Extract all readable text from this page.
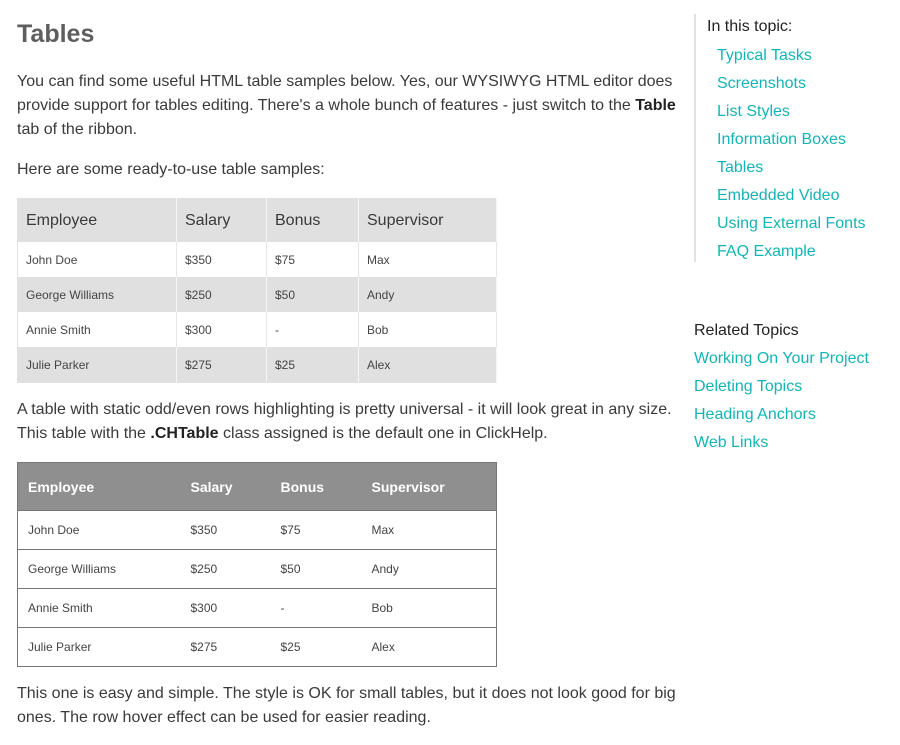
Tables

You can find some useful HTML table samples below. Yes, our WYSIWYG HTML editor does
provide support for tables editing. There's a whole bunch of features - just switch to the Table
tab of the ribbon.

Here are some ready-to-use table samples:

Employee	Salary	Bonus	Supervisor
John Doe	$350	$75	Max
George Williams	$250	$50	Andy
Annie Smith	$300	-	Bob
Julie Parker	$275	$25	Alex

A table with static odd/even rows highlighting is pretty universal - it will look great in any size.
This table with the .CHTable class assigned is the default one in ClickHelp.

Employee	Salary	Bonus	Supervisor
John Doe	$350	$75	Max
George Williams	$250	$50	Andy
Annie Smith	$300	-	Bob
Julie Parker	$275	$25	Alex

This one is easy and simple. The style is OK for small tables, but it does not look good for big
ones. The row hover effect can be used for easier reading.

In this topic:
Typical Tasks
Screenshots
List Styles
Information Boxes
Tables
Embedded Video
Using External Fonts
FAQ Example
Related Topics
Working On Your Project
Deleting Topics
Heading Anchors
Web Links
